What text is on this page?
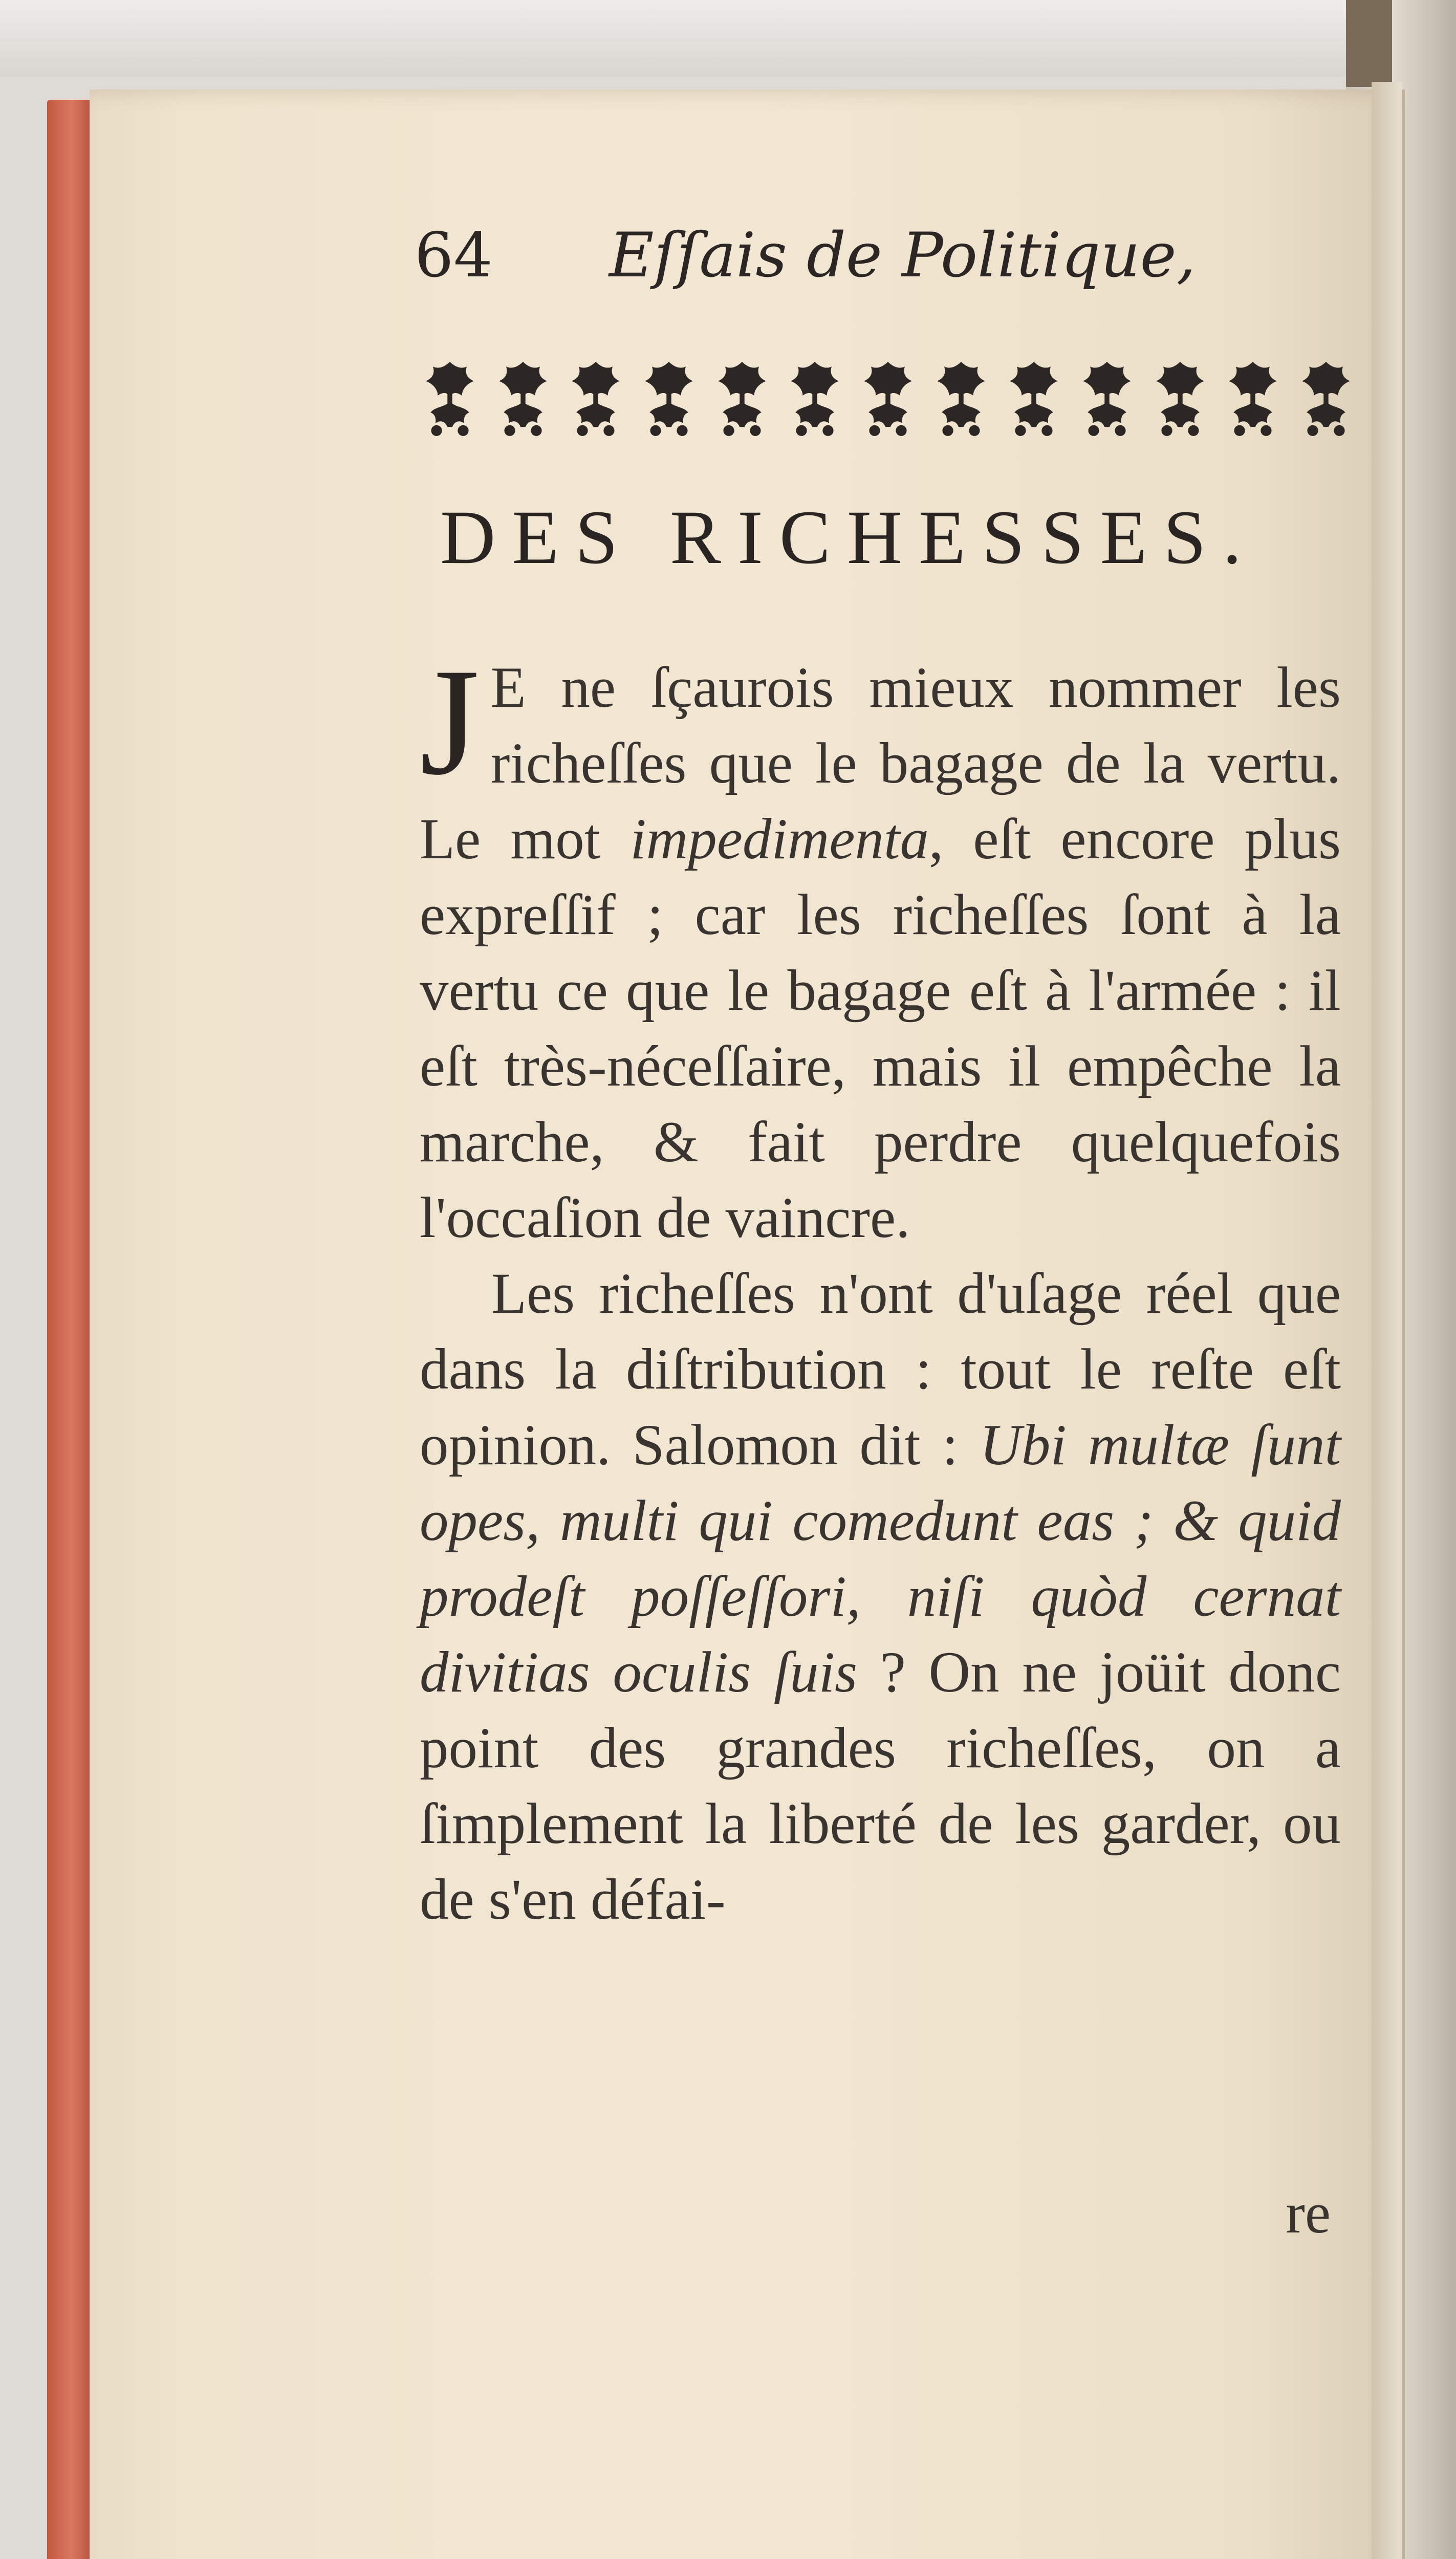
64 Eſſais de Politique,
DES RICHESSES.

J E ne ſçaurois mieux nommer les richeſſes que le bagage de la vertu. Le mot impedimenta, eſt encore plus expreſſif ; car les richeſſes ſont à la vertu ce que le bagage eſt à l'armée : il eſt très-néceſſaire, mais il empêche la marche, & fait perdre quelquefois l'occaſion de vaincre.

Les richeſſes n'ont d'uſage réel que dans la diſtribution : tout le reſte eſt opinion. Salomon dit : Ubi multæ ſunt opes, multi qui comedunt eas ; & quid prodeſt poſſeſſori, niſi quòd cernat divitias oculis ſuis ? On ne joüit donc point des grandes richeſſes, on a ſimplement la liberté de les garder, ou de s'en défai-

re
